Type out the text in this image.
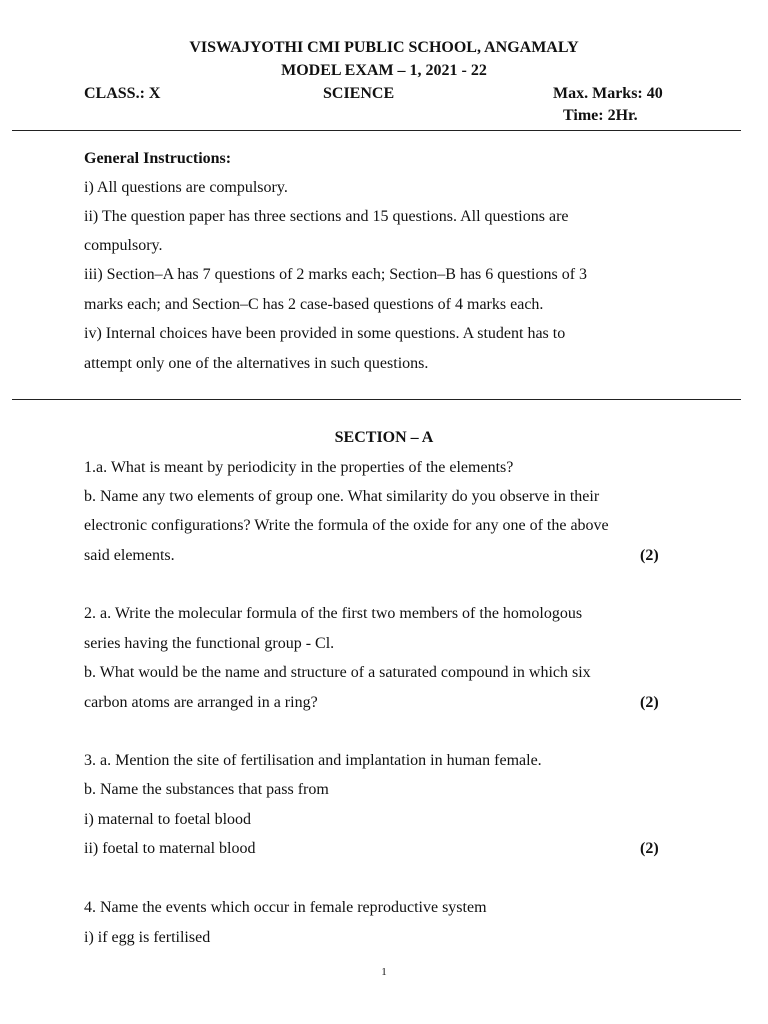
VISWAJYOTHI CMI PUBLIC SCHOOL, ANGAMALY
MODEL EXAM – 1, 2021 - 22
CLASS.: X	SCIENCE	Max. Marks: 40
Time: 2Hr.
General Instructions:
i) All questions are compulsory.
ii) The question paper has three sections and 15 questions. All questions are
compulsory.
iii) Section–A has 7 questions of 2 marks each; Section–B has 6 questions of 3
marks each; and Section–C has 2 case-based questions of 4 marks each.
iv) Internal choices have been provided in some questions. A student has to
attempt only one of the alternatives in such questions.
SECTION – A
1.a. What is meant by periodicity in the properties of the elements?
b. Name any two elements of group one. What similarity do you observe in their
electronic configurations? Write the formula of the oxide for any one of the above
said elements.	(2)
2. a. Write the molecular formula of the first two members of the homologous
series having the functional group - Cl.
b. What would be the name and structure of a saturated compound in which six
carbon atoms are arranged in a ring?	(2)
3. a. Mention the site of fertilisation and implantation in human female.
b. Name the substances that pass from
i) maternal to foetal blood
ii) foetal to maternal blood	(2)
4. Name the events which occur in female reproductive system
i) if egg is fertilised
1
